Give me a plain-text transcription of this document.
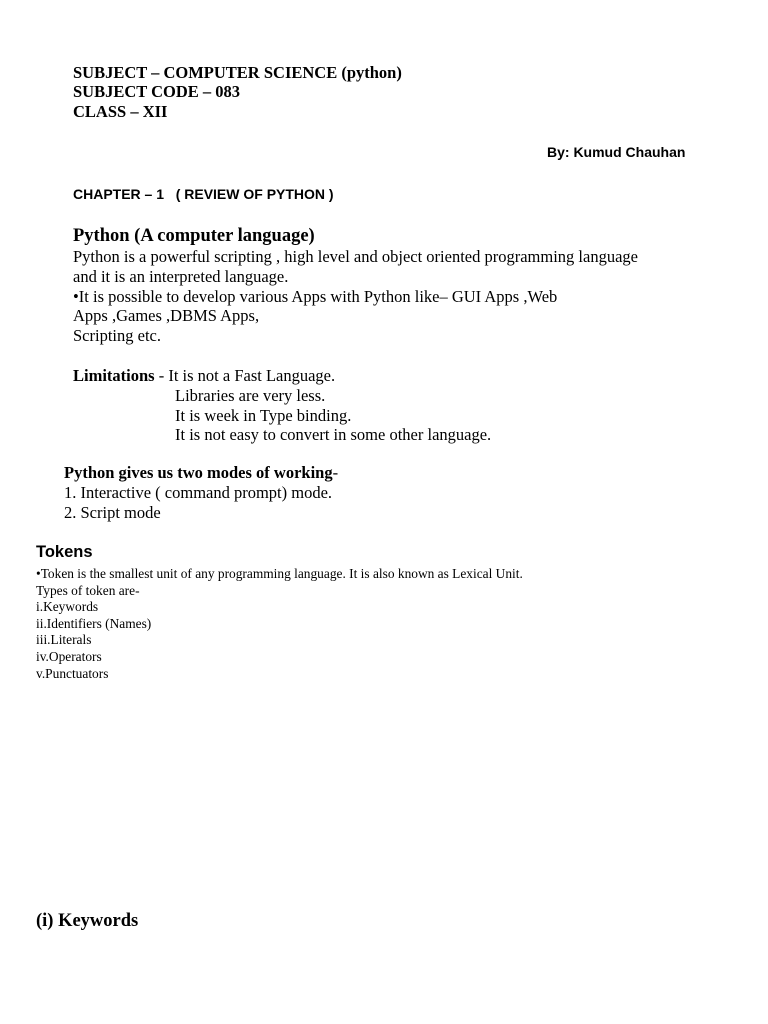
SUBJECT – COMPUTER SCIENCE (python)
SUBJECT CODE – 083
CLASS – XII
By: Kumud Chauhan
CHAPTER – 1   ( REVIEW OF PYTHON )
Python (A computer language)
Python is a powerful scripting , high level and object oriented programming language
and it is an interpreted language.
•It is possible to develop various Apps with Python like– GUI Apps ,Web
Apps ,Games ,DBMS Apps,
Scripting etc.
Limitations - It is not a Fast Language.
Libraries are very less.
It is week in Type binding.
It is not easy to convert in some other language.
Python gives us two modes of working-
1. Interactive ( command prompt) mode.
2. Script mode
Tokens
•Token is the smallest unit of any programming language. It is also known as Lexical Unit.
Types of token are-
i.Keywords
ii.Identifiers (Names)
iii.Literals
iv.Operators
v.Punctuators
(i) Keywords
